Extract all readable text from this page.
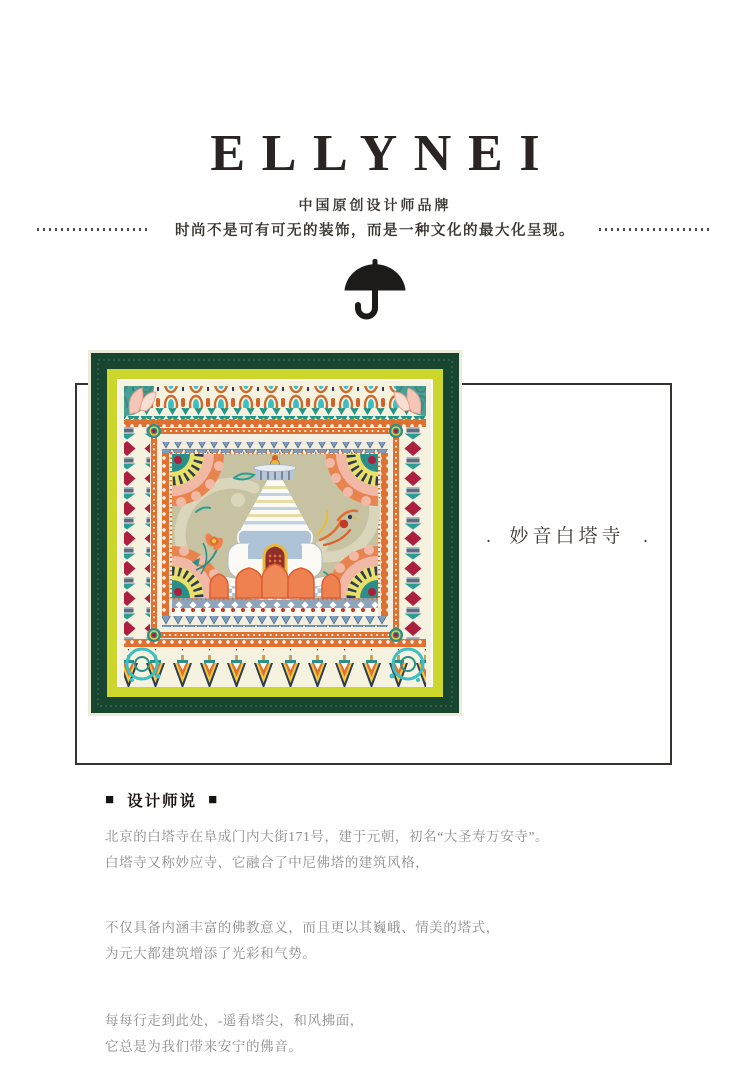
ELLYNEI
中国原创设计师品牌
时尚不是可有可无的装饰，而是一种文化的最大化呈现。
. 妙音白塔寺 .
■ 设计师说 ■
北京的白塔寺在阜成门内大街171号，建于元朝，初名“大圣寿万安寺”。
白塔寺又称妙应寺，它融合了中尼佛塔的建筑风格，
不仅具备内涵丰富的佛教意义，而且更以其巍峨、情美的塔式，
为元大都建筑增添了光彩和气势。
每每行走到此处，-遥看塔尖，和风拂面，
它总是为我们带来安宁的佛音。
